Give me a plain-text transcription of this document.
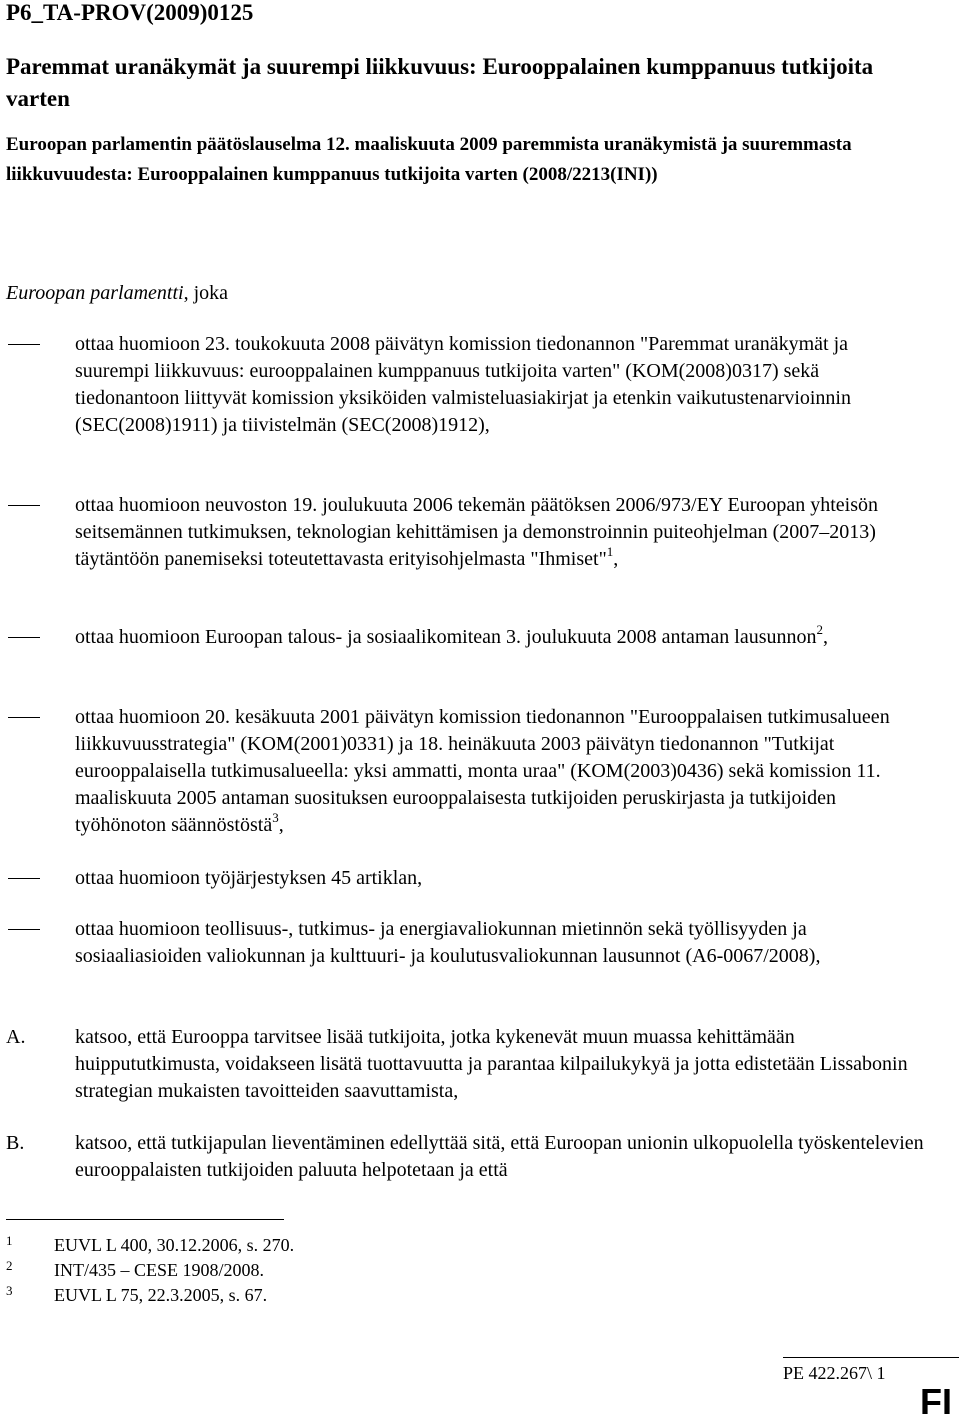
P6_TA-PROV(2009)0125
Paremmat uranäkymät ja suurempi liikkuvuus: Eurooppalainen kumppanuus tutkijoita varten
Euroopan parlamentin päätöslauselma 12. maaliskuuta 2009 paremmista uranäkymistä ja suuremmasta liikkuvuudesta: Eurooppalainen kumppanuus tutkijoita varten (2008/2213(INI))
Euroopan parlamentti, joka
ottaa huomioon 23. toukokuuta 2008 päivätyn komission tiedonannon "Paremmat uranäkymät ja suurempi liikkuvuus: eurooppalainen kumppanuus tutkijoita varten" (KOM(2008)0317) sekä tiedonantoon liittyvät komission yksiköiden valmisteluasiakirjat ja etenkin vaikutustenarvioinnin (SEC(2008)1911) ja tiivistelmän (SEC(2008)1912),
ottaa huomioon neuvoston 19. joulukuuta 2006 tekemän päätöksen 2006/973/EY Euroopan yhteisön seitsemännen tutkimuksen, teknologian kehittämisen ja demonstroinnin puiteohjelman (2007–2013) täytäntöön panemiseksi toteutettavasta erityisohjelmasta "Ihmiset"$^1$,
ottaa huomioon Euroopan talous- ja sosiaalikomitean 3. joulukuuta 2008 antaman lausunnon$^2$,
ottaa huomioon 20. kesäkuuta 2001 päivätyn komission tiedonannon "Eurooppalaisen tutkimusalueen liikkuvuusstrategia" (KOM(2001)0331) ja 18. heinäkuuta 2003 päivätyn tiedonannon "Tutkijat eurooppalaisella tutkimusalueella: yksi ammatti, monta uraa" (KOM(2003)0436) sekä komission 11. maaliskuuta 2005 antaman suosituksen eurooppalaisesta tutkijoiden peruskirjasta ja tutkijoiden työhönoton säännöstöstä$^3$,
ottaa huomioon työjärjestyksen 45 artiklan,
ottaa huomioon teollisuus-, tutkimus- ja energiavaliokunnan mietinnön sekä työllisyyden ja sosiaaliasioiden valiokunnan ja kulttuuri- ja koulutusvaliokunnan lausunnot (A6-0067/2008),
A.	katsoo, että Eurooppa tarvitsee lisää tutkijoita, jotka kykenevät muun muassa kehittämään huippututkimusta, voidakseen lisätä tuottavuutta ja parantaa kilpailukykyä ja jotta edistetään Lissabonin strategian mukaisten tavoitteiden saavuttamista,
B.	katsoo, että tutkijapulan lieventäminen edellyttää sitä, että Euroopan unionin ulkopuolella työskentelevien eurooppalaisten tutkijoiden paluuta helpotetaan ja että
1 EUVL L 400, 30.12.2006, s. 270.
2 INT/435 – CESE 1908/2008.
3 EUVL L 75, 22.3.2005, s. 67.
PE 422.267\ 1
FI
